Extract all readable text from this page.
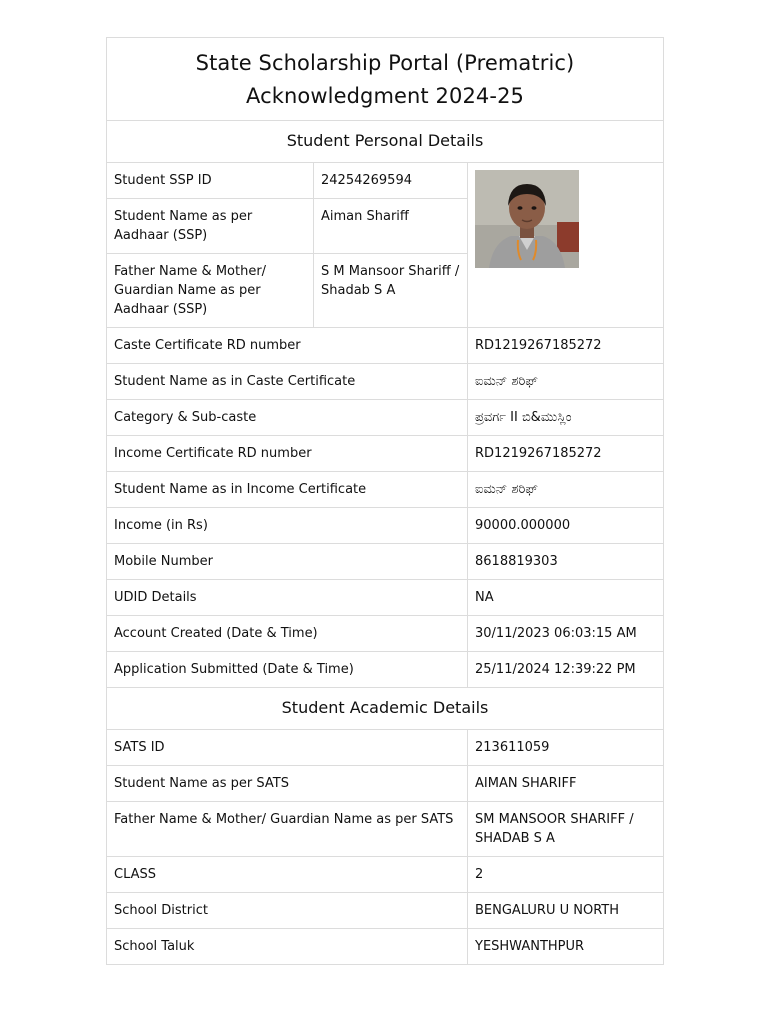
State Scholarship Portal (Prematric)
Acknowledgment 2024-25		

Student Personal Details		
Student SSP ID	24254269594	

Student Name as per Aadhaar (SSP)	Aiman Shariff	
Father Name & Mother/ Guardian Name as per Aadhaar (SSP)	S M Mansoor Shariff / Shadab S A	
Caste Certificate RD number		RD1219267185272
Student Name as in Caste Certificate		ಐಮನ್ ಶರಿಫ್
Category & Sub-caste		ಪ್ರವರ್ಗ II ಬಿ&ಮುಸ್ಲಿಂ
Income Certificate RD number		RD1219267185272
Student Name as in Income Certificate		ಐಮನ್ ಶರಿಫ್
Income (in Rs)		90000.000000
Mobile Number		8618819303
UDID Details		NA
Account Created (Date & Time)		30/11/2023 06:03:15 AM
Application Submitted (Date & Time)		25/11/2024 12:39:22 PM
Student Academic Details		
SATS ID		213611059
Student Name as per SATS		AIMAN SHARIFF
Father Name & Mother/ Guardian Name as per SATS		SM MANSOOR SHARIFF / SHADAB S A
CLASS		2
School District		BENGALURU U NORTH
School Taluk		YESHWANTHPUR
